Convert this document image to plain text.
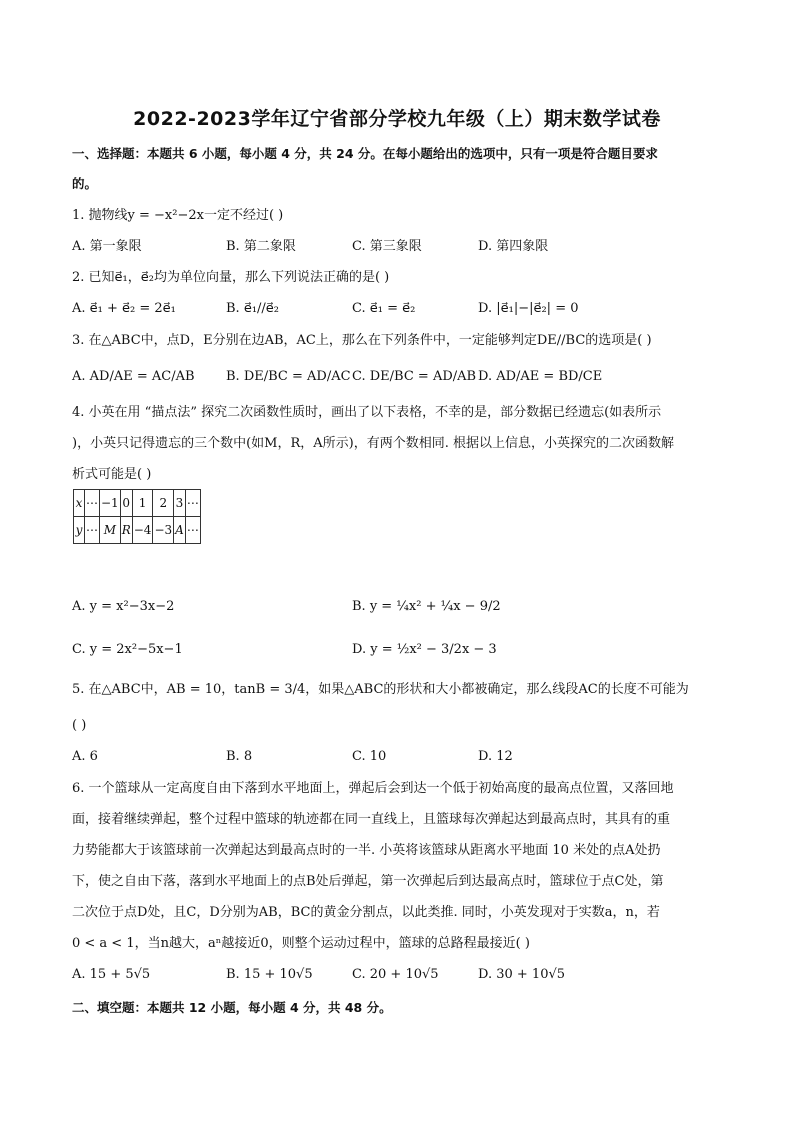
2022-2023学年辽宁省部分学校九年级（上）期末数学试卷
一、选择题：本题共 6 小题，每小题 4 分，共 24 分。在每小题给出的选项中，只有一项是符合题目要求
的。
1. 抛物线y = −x²−2x一定不经过( )
A. 第一象限	B. 第二象限	C. 第三象限	D. 第四象限
2. 已知e⃗₁，e⃗₂均为单位向量，那么下列说法正确的是( )
A. e⃗₁ + e⃗₂ = 2e⃗₁	B. e⃗₁//e⃗₂	C. e⃗₁ = e⃗₂	D. |e⃗₁|−|e⃗₂| = 0
3. 在△ABC中，点D，E分别在边AB，AC上，那么在下列条件中，一定能够判定DE//BC的选项是( )
A. AD/AE = AC/AB B. DE/BC = AD/AC C. DE/BC = AD/AB D. AD/AE = BD/CE
4. 小英在用 “描点法” 探究二次函数性质时，画出了以下表格，不幸的是，部分数据已经遗忘(如表所示
)，小英只记得遗忘的三个数中(如M，R，A所示)，有两个数相同. 根据以上信息，小英探究的二次函数解
析式可能是( )
x	⋯	−1	0	1	2	3	⋯
y	⋯	M	R	−4	−3	A	⋯
A. y = x²−3x−2	B. y = ¼x² + ¼x − 9/2
C. y = 2x²−5x−1	D. y = ½x² − 3/2x − 3
5. 在△ABC中，AB = 10，tanB = 3/4，如果△ABC的形状和大小都被确定，那么线段AC的长度不可能为
( )
A. 6	B. 8	C. 10	D. 12
6. 一个篮球从一定高度自由下落到水平地面上，弹起后会到达一个低于初始高度的最高点位置，又落回地
面，接着继续弹起，整个过程中篮球的轨迹都在同一直线上，且篮球每次弹起达到最高点时，其具有的重
力势能都大于该篮球前一次弹起达到最高点时的一半. 小英将该篮球从距离水平地面 10 米处的点A处扔
下，使之自由下落，落到水平地面上的点B处后弹起，第一次弹起后到达最高点时，篮球位于点C处，第
二次位于点D处，且C，D分别为AB，BC的黄金分割点，以此类推. 同时，小英发现对于实数a，n，若
0 < a < 1，当n越大，aⁿ越接近0，则整个运动过程中，篮球的总路程最接近( )
A. 15 + 5√5	B. 15 + 10√5	C. 20 + 10√5	D. 30 + 10√5
二、填空题：本题共 12 小题，每小题 4 分，共 48 分。
